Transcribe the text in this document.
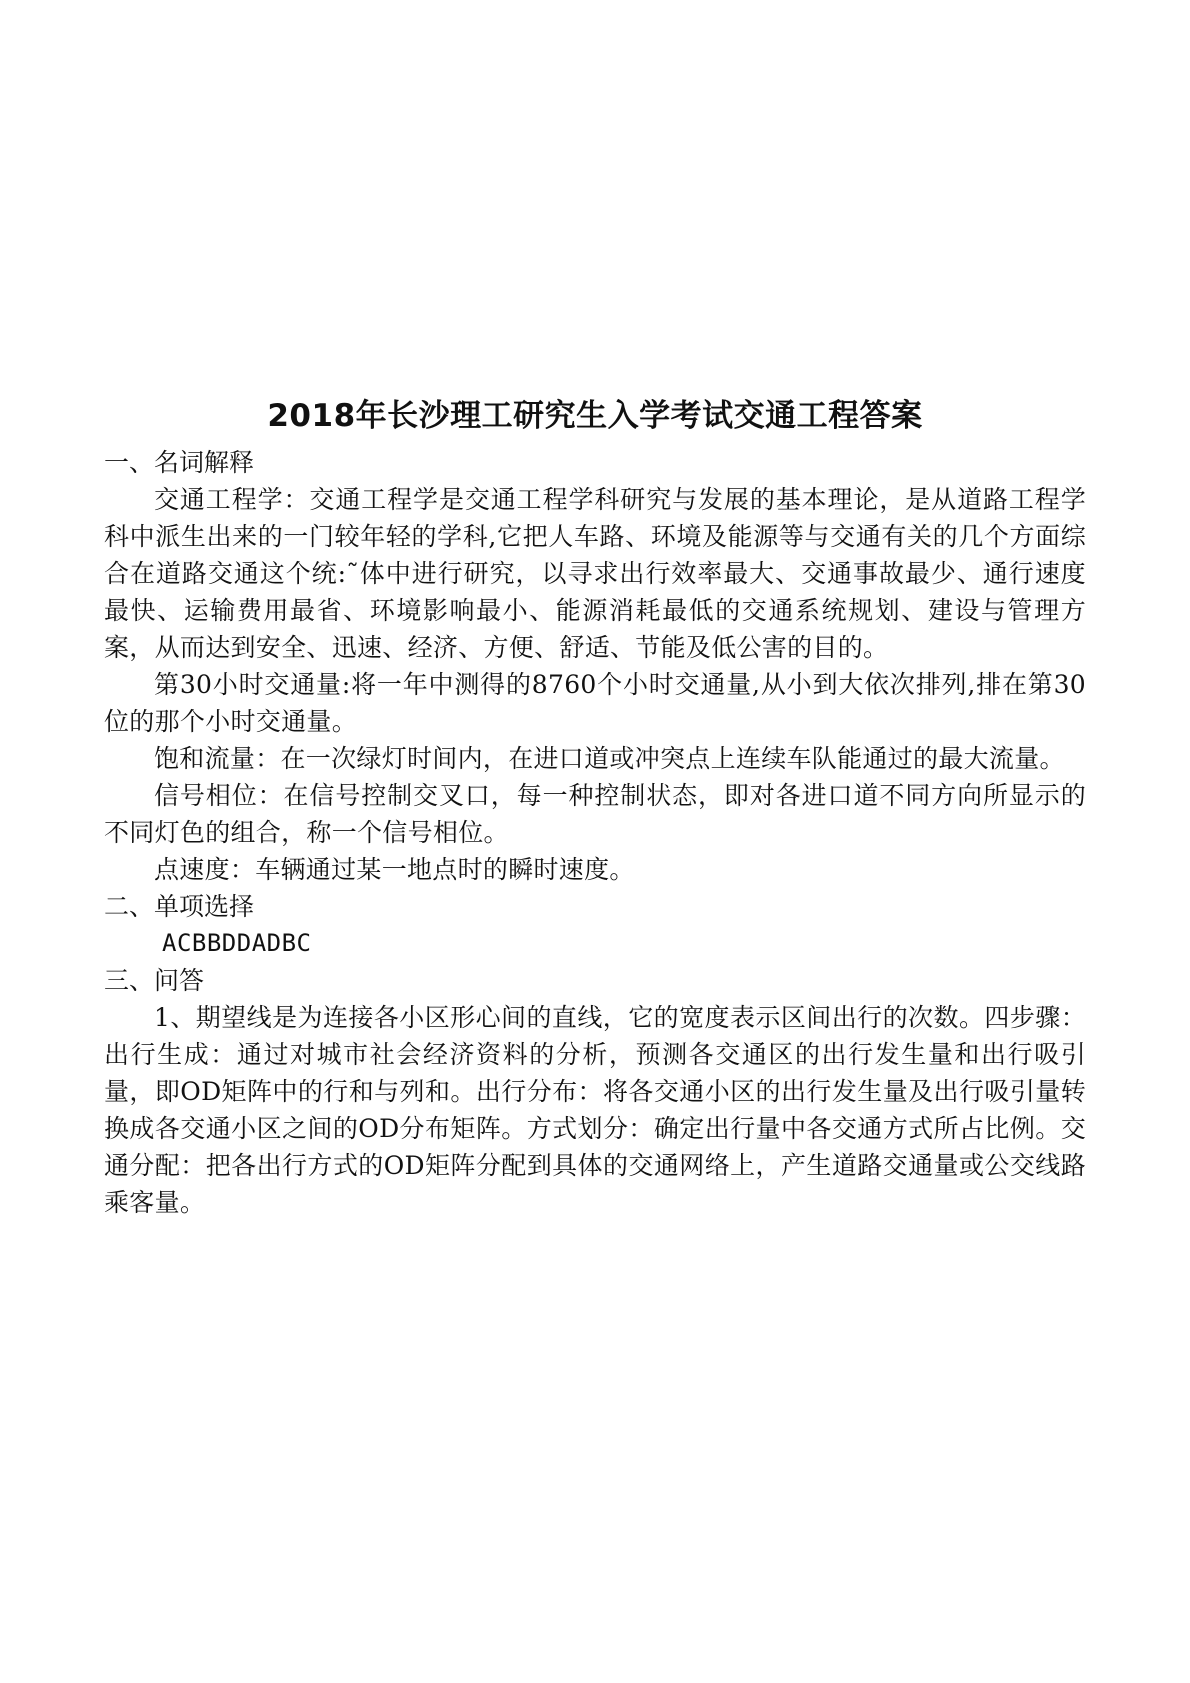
2018年长沙理工研究生入学考试交通工程答案

一、名词解释

交通工程学：交通工程学是交通工程学科研究与发展的基本理论，是从道路工程学科中派生出来的一门较年轻的学科,它把人车路、环境及能源等与交通有关的几个方面综合在道路交通这个统:˜体中进行研究，以寻求出行效率最大、交通事故最少、通行速度最快、运输费用最省、环境影响最小、能源消耗最低的交通系统规划、建设与管理方案，从而达到安全、迅速、经济、方便、舒适、节能及低公害的目的。

第30小时交通量:将一年中测得的8760个小时交通量,从小到大依次排列,排在第30位的那个小时交通量。

饱和流量：在一次绿灯时间内，在进口道或冲突点上连续车队能通过的最大流量。

信号相位：在信号控制交叉口，每一种控制状态，即对各进口道不同方向所显示的不同灯色的组合，称一个信号相位。

点速度：车辆通过某一地点时的瞬时速度。

二、单项选择

ACBBDDADBC

三、问答

1、期望线是为连接各小区形心间的直线，它的宽度表示区间出行的次数。四步骤：出行生成：通过对城市社会经济资料的分析，预测各交通区的出行发生量和出行吸引量，即OD矩阵中的行和与列和。出行分布：将各交通小区的出行发生量及出行吸引量转换成各交通小区之间的OD分布矩阵。方式划分：确定出行量中各交通方式所占比例。交通分配：把各出行方式的OD矩阵分配到具体的交通网络上，产生道路交通量或公交线路乘客量。
